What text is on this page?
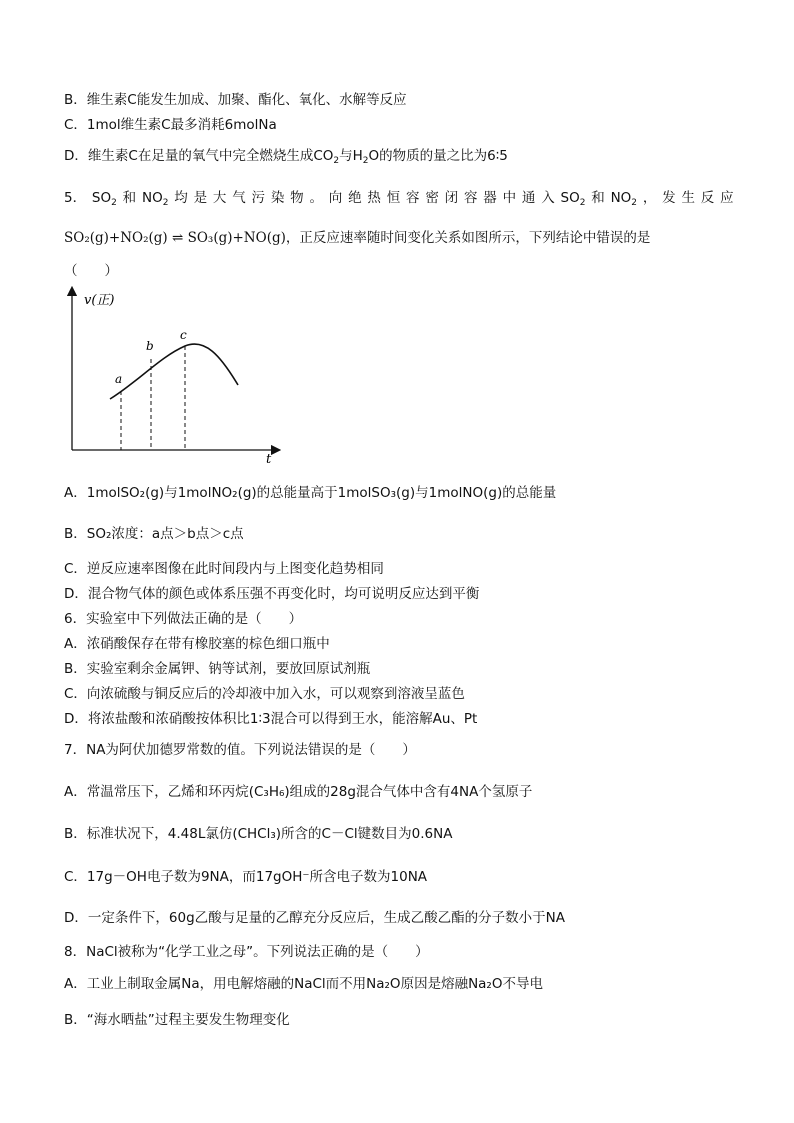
B．维生素C能发生加成、加聚、酯化、氧化、水解等反应
C．1mol维生素C最多消耗6molNa
D．维生素C在足量的氧气中完全燃烧生成$CO_2$与$H_2O$的物质的量之比为6∶5
5． $SO_2$ 和 $NO_2$ 均 是 大 气 污 染 物 。 向 绝 热 恒 容 密 闭 容 器 中 通 入 $SO_2$ 和 $NO_2$ ， 发 生 反 应
SO₂(g)+NO₂(g) ⇌ SO₃(g)+NO(g)，正反应速率随时间变化关系如图所示，下列结论中错误的是
（　　）
v(正)
t
a
b
c
A．1molSO₂(g)与1molNO₂(g)的总能量高于1molSO₃(g)与1molNO(g)的总能量
B．SO₂浓度：a点＞b点＞c点
C．逆反应速率图像在此时间段内与上图变化趋势相同
D．混合物气体的颜色或体系压强不再变化时，均可说明反应达到平衡
6．实验室中下列做法正确的是（　　）
A．浓硝酸保存在带有橡胶塞的棕色细口瓶中
B．实验室剩余金属钾、钠等试剂，要放回原试剂瓶
C．向浓硫酸与铜反应后的冷却液中加入水，可以观察到溶液呈蓝色
D．将浓盐酸和浓硝酸按体积比1∶3混合可以得到王水，能溶解Au、Pt
7．NA为阿伏加德罗常数的值。下列说法错误的是（　　）
A．常温常压下，乙烯和环丙烷(C₃H₆)组成的28g混合气体中含有4NA个氢原子
B．标准状况下，4.48L氯仿(CHCl₃)所含的C－Cl键数目为0.6NA
C．17g－OH电子数为9NA，而17gOH⁻所含电子数为10NA
D．一定条件下，60g乙酸与足量的乙醇充分反应后，生成乙酸乙酯的分子数小于NA
8．NaCl被称为“化学工业之母”。下列说法正确的是（　　）
A．工业上制取金属Na，用电解熔融的NaCl而不用Na₂O原因是熔融Na₂O不导电
B．“海水晒盐”过程主要发生物理变化
